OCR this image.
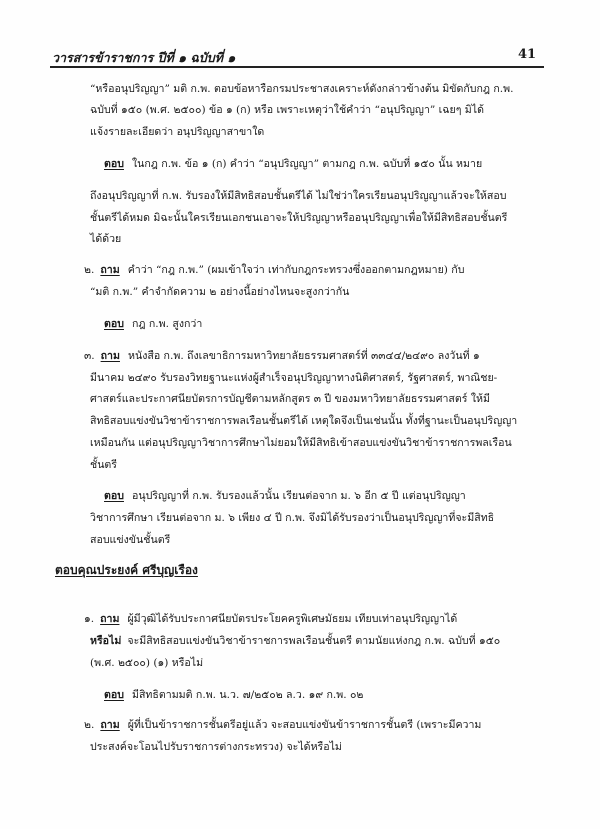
วารสารข้าราชการ ปีที่ ๑ ฉบับที่ ๑	41
“หรืออนุปริญญา” มติ ก.พ. ตอบข้อหารือกรมประชาสงเคราะห์ดังกล่าวข้างต้น มิขัดกับกฎ ก.พ.
ฉบับที่ ๑๕๐ (พ.ศ. ๒๕๐๐) ข้อ ๑ (ก) หรือ เพราะเหตุว่าใช้คำว่า “อนุปริญญา” เฉยๆ มิได้
แจ้งรายละเอียดว่า อนุปริญญาสาขาใด
ตอบ ในกฎ ก.พ. ข้อ ๑ (ก) คำว่า “อนุปริญญา” ตามกฎ ก.พ. ฉบับที่ ๑๕๐ นั้น หมาย
ถึงอนุปริญญาที่ ก.พ. รับรองให้มีสิทธิสอบชั้นตรีได้ ไม่ใช่ว่าใครเรียนอนุปริญญาแล้วจะให้สอบ
ชั้นตรีได้หมด มิฉะนั้นใครเรียนเอกชนเอาจะให้ปริญญาหรืออนุปริญญาเพื่อให้มีสิทธิสอบชั้นตรี
ได้ด้วย
๒. ถาม คำว่า “กฎ ก.พ.” (ผมเข้าใจว่า เท่ากับกฎกระทรวงซึ่งออกตามกฎหมาย) กับ
“มติ ก.พ.” คำจำกัดความ ๒ อย่างนี้อย่างไหนจะสูงกว่ากัน
ตอบ กฎ ก.พ. สูงกว่า
๓. ถาม หนังสือ ก.พ. ถึงเลขาธิการมหาวิทยาลัยธรรมศาสตร์ที่ ๓๓๔๔/๒๔๙๐ ลงวันที่ ๑
มีนาคม ๒๔๙๐ รับรองวิทยฐานะแห่งผู้สำเร็จอนุปริญญาทางนิติศาสตร์, รัฐศาสตร์, พาณิชย-
ศาสตร์และประกาศนียบัตรการบัญชีตามหลักสูตร ๓ ปี ของมหาวิทยาลัยธรรมศาสตร์ ให้มี
สิทธิสอบแข่งขันวิชาข้าราชการพลเรือนชั้นตรีได้ เหตุใดจึงเป็นเช่นนั้น ทั้งที่ฐานะเป็นอนุปริญญา
เหมือนกัน แต่อนุปริญญาวิชาการศึกษาไม่ยอมให้มีสิทธิเข้าสอบแข่งขันวิชาข้าราชการพลเรือน
ชั้นตรี
ตอบ อนุปริญญาที่ ก.พ. รับรองแล้วนั้น เรียนต่อจาก ม. ๖ อีก ๕ ปี แต่อนุปริญญา
วิชาการศึกษา เรียนต่อจาก ม. ๖ เพียง ๔ ปี ก.พ. จึงมิได้รับรองว่าเป็นอนุปริญญาที่จะมีสิทธิ
สอบแข่งขันชั้นตรี
๑. ถาม ผู้มีวุฒิได้รับประกาศนียบัตรประโยคครูพิเศษมัธยม เทียบเท่าอนุปริญญาได้
หรือไม่ จะมีสิทธิสอบแข่งขันวิชาข้าราชการพลเรือนชั้นตรี ตามนัยแห่งกฎ ก.พ. ฉบับที่ ๑๕๐
(พ.ศ. ๒๕๐๐) (๑) หรือไม่
ตอบ มีสิทธิตามมติ ก.พ. น.ว. ๗/๒๕๐๒ ล.ว. ๑๙ ก.พ. ๐๒
๒. ถาม ผู้ที่เป็นข้าราชการชั้นตรีอยู่แล้ว จะสอบแข่งขันข้าราชการชั้นตรี (เพราะมีความ
ประสงค์จะโอนไปรับราชการต่างกระทรวง) จะได้หรือไม่
ตอบคุณประยงค์ ศรีบุญเรือง
